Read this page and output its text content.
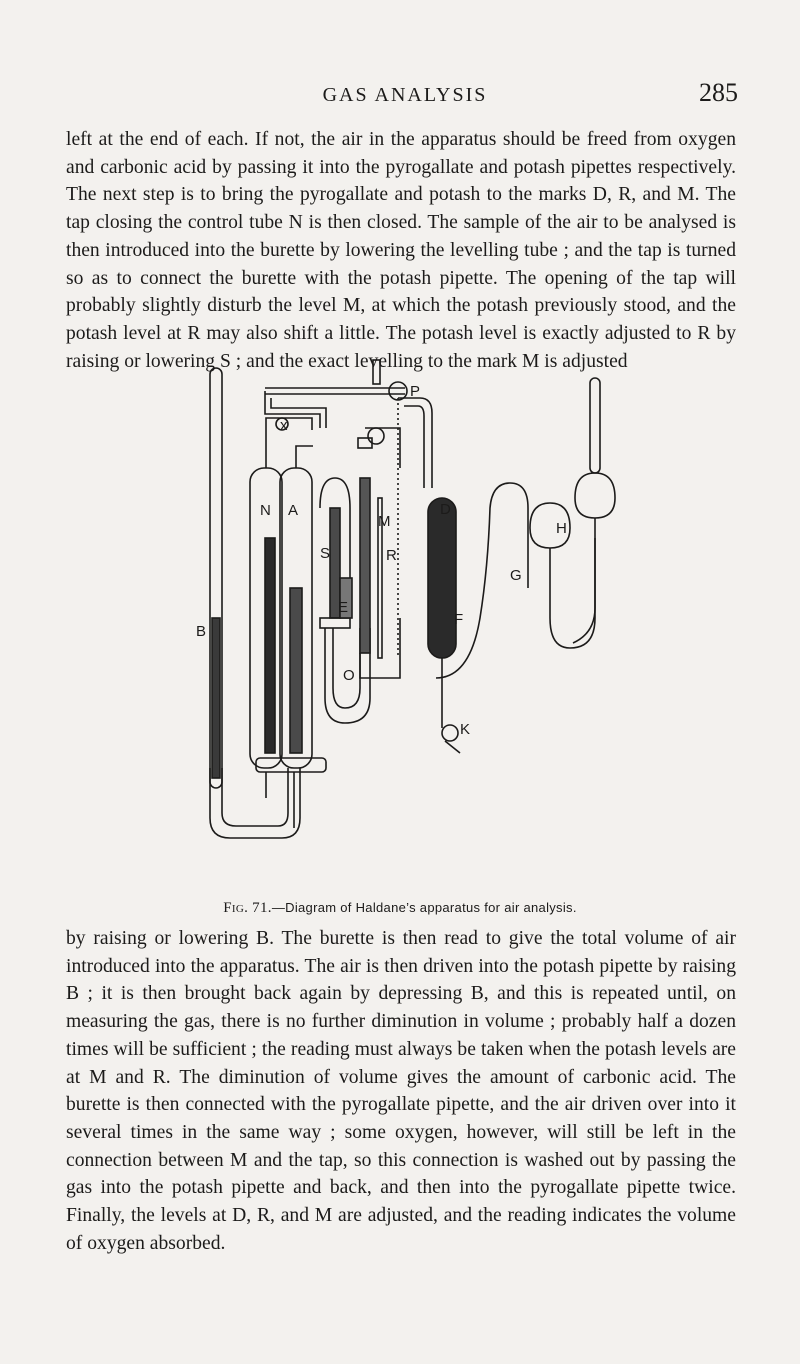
GAS ANALYSIS	285

left at the end of each. If not, the air in the apparatus should be freed from oxygen and carbonic acid by passing it into the pyrogallate and potash pipettes respectively. The next step is to bring the pyrogallate and potash to the marks D, R, and M. The tap closing the control tube N is then closed. The sample of the air to be analysed is then introduced into the burette by lowering the levelling tube ; and the tap is turned so as to connect the burette with the potash pipette. The opening of the tap will probably slightly disturb the level M, at which the potash previously stood, and the potash level at R may also shift a little. The potash level is exactly adjusted to R by raising or lowering S ; and the exact levelling to the mark M is adjusted

x
P
N A
M
S	R
D
H
G
F
E
B
O
K
Fig. 71.—Diagram of Haldane’s apparatus for air analysis.

by raising or lowering B. The burette is then read to give the total volume of air introduced into the apparatus. The air is then driven into the potash pipette by raising B ; it is then brought back again by depressing B, and this is repeated until, on measuring the gas, there is no further diminution in volume ; probably half a dozen times will be sufficient ; the reading must always be taken when the potash levels are at M and R. The diminution of volume gives the amount of carbonic acid. The burette is then connected with the pyrogallate pipette, and the air driven over into it several times in the same way ; some oxygen, however, will still be left in the connection between M and the tap, so this connection is washed out by passing the gas into the potash pipette and back, and then into the pyrogallate pipette twice. Finally, the levels at D, R, and M are adjusted, and the reading indicates the volume of oxygen absorbed.
